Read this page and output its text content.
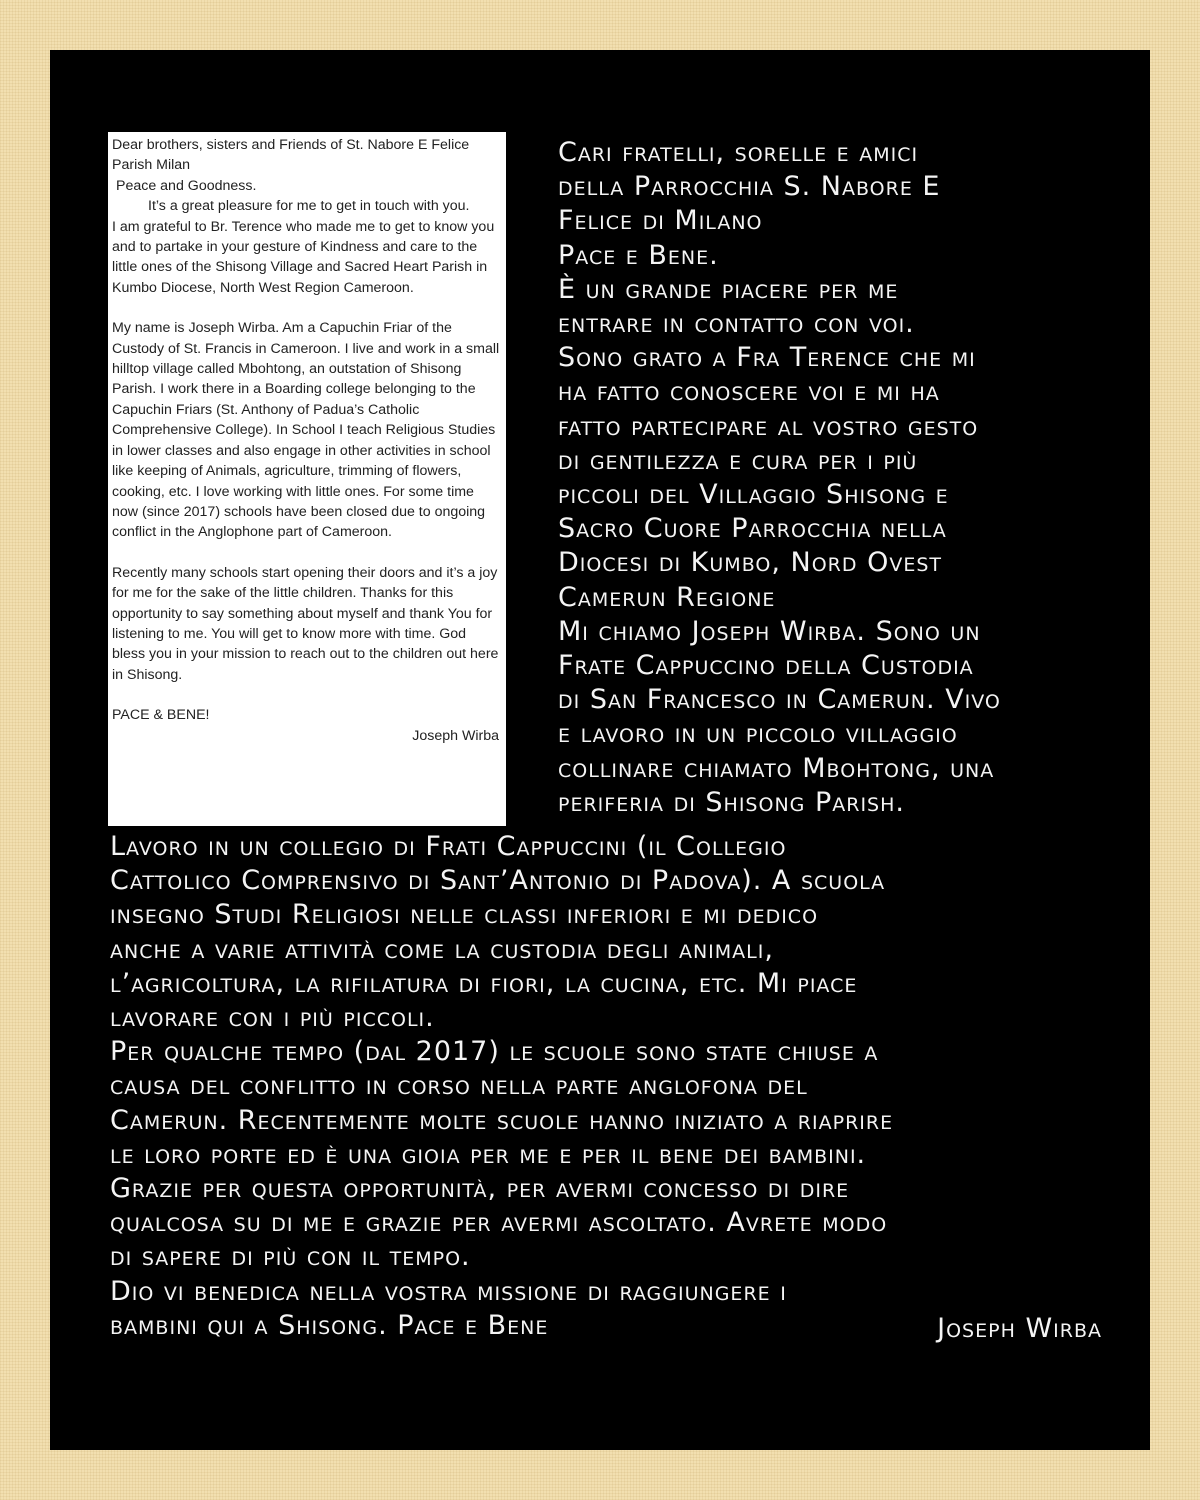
Dear brothers, sisters and Friends of St. Nabore E Felice Parish Milan

Peace and Goodness.

It’s a great pleasure for me to get in touch with you.

I am grateful to Br. Terence who made me to get to know you and to partake in your gesture of Kindness and care to the little ones of the Shisong Village and Sacred Heart Parish in Kumbo Diocese, North West Region Cameroon.

My name is Joseph Wirba. Am a Capuchin Friar of the Custody of St. Francis in Cameroon. I live and work in a small hilltop village called Mbohtong, an outstation of Shisong Parish. I work there in a Boarding college belonging to the Capuchin Friars (St. Anthony of Padua’s Catholic Comprehensive College). In School I teach Religious Studies in lower classes and also engage in other activities in school like keeping of Animals, agriculture, trimming of flowers, cooking, etc. I love working with little ones. For some time now (since 2017) schools have been closed due to ongoing conflict in the Anglophone part of Cameroon.

Recently many schools start opening their doors and it’s a joy for me for the sake of the little children. Thanks for this opportunity to say something about myself and thank You for listening to me. You will get to know more with time. God bless you in your mission to reach out to the children out here in Shisong.

PACE & BENE!

Joseph Wirba

Cari fratelli, sorelle e amici
della Parrocchia S. Nabore E
Felice di Milano
Pace e Bene.
È un grande piacere per me
entrare in contatto con voi.
Sono grato a Fra Terence che mi
ha fatto conoscere voi e mi ha
fatto partecipare al vostro gesto
di gentilezza e cura per i più
piccoli del Villaggio Shisong e
Sacro Cuore Parrocchia nella
Diocesi di Kumbo, Nord Ovest
Camerun Regione
Mi chiamo Joseph Wirba. Sono un
Frate Cappuccino della Custodia
di San Francesco in Camerun. Vivo
e lavoro in un piccolo villaggio
collinare chiamato Mbohtong, una
periferia di Shisong Parish.
Lavoro in un collegio di Frati Cappuccini (il Collegio
Cattolico Comprensivo di Sant’Antonio di Padova). A scuola
insegno Studi Religiosi nelle classi inferiori e mi dedico
anche a varie attività come la custodia degli animali,
l’agricoltura, la rifilatura di fiori, la cucina, etc. Mi piace
lavorare con i più piccoli.
Per qualche tempo (dal 2017) le scuole sono state chiuse a
causa del conflitto in corso nella parte anglofona del
Camerun. Recentemente molte scuole hanno iniziato a riaprire
le loro porte ed è una gioia per me e per il bene dei bambini.
Grazie per questa opportunità, per avermi concesso di dire
qualcosa su di me e grazie per avermi ascoltato. Avrete modo
di sapere di più con il tempo.
Dio vi benedica nella vostra missione di raggiungere i
bambini qui a Shisong. Pace e Bene	Joseph Wirba
